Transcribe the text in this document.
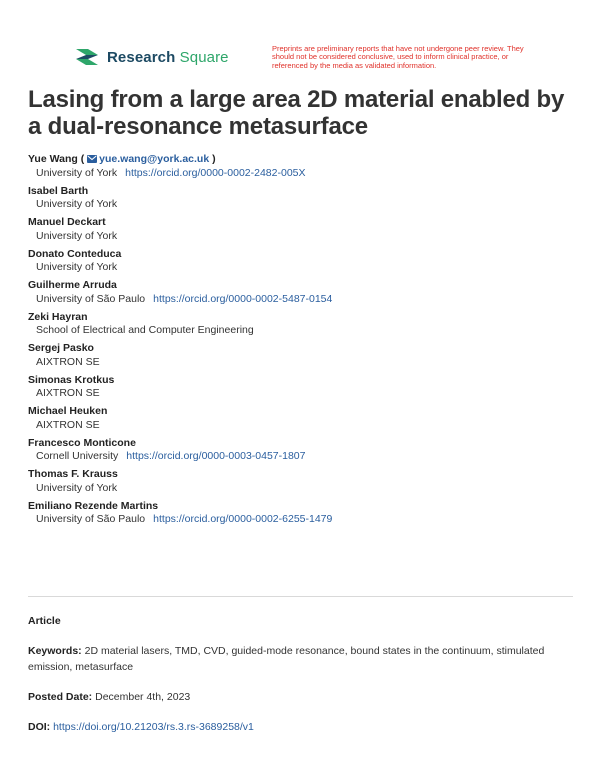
Research Square	Preprints are preliminary reports that have not undergone peer review. They should not be considered conclusive, used to inform clinical practice, or referenced by the media as validated information.
Lasing from a large area 2D material enabled by a dual-resonance metasurface
Yue Wang ( yue.wang@york.ac.uk )
University of York https://orcid.org/0000-0002-2482-005X
Isabel Barth
University of York
Manuel Deckart
University of York
Donato Conteduca
University of York
Guilherme Arruda
University of São Paulo https://orcid.org/0000-0002-5487-0154
Zeki Hayran
School of Electrical and Computer Engineering
Sergej Pasko
AIXTRON SE
Simonas Krotkus
AIXTRON SE
Michael Heuken
AIXTRON SE
Francesco Monticone
Cornell University https://orcid.org/0000-0003-0457-1807
Thomas F. Krauss
University of York
Emiliano Rezende Martins
University of São Paulo https://orcid.org/0000-0002-6255-1479
Article
Keywords: 2D material lasers, TMD, CVD, guided-mode resonance, bound states in the continuum, stimulated emission, metasurface
Posted Date: December 4th, 2023
DOI: https://doi.org/10.21203/rs.3.rs-3689258/v1
